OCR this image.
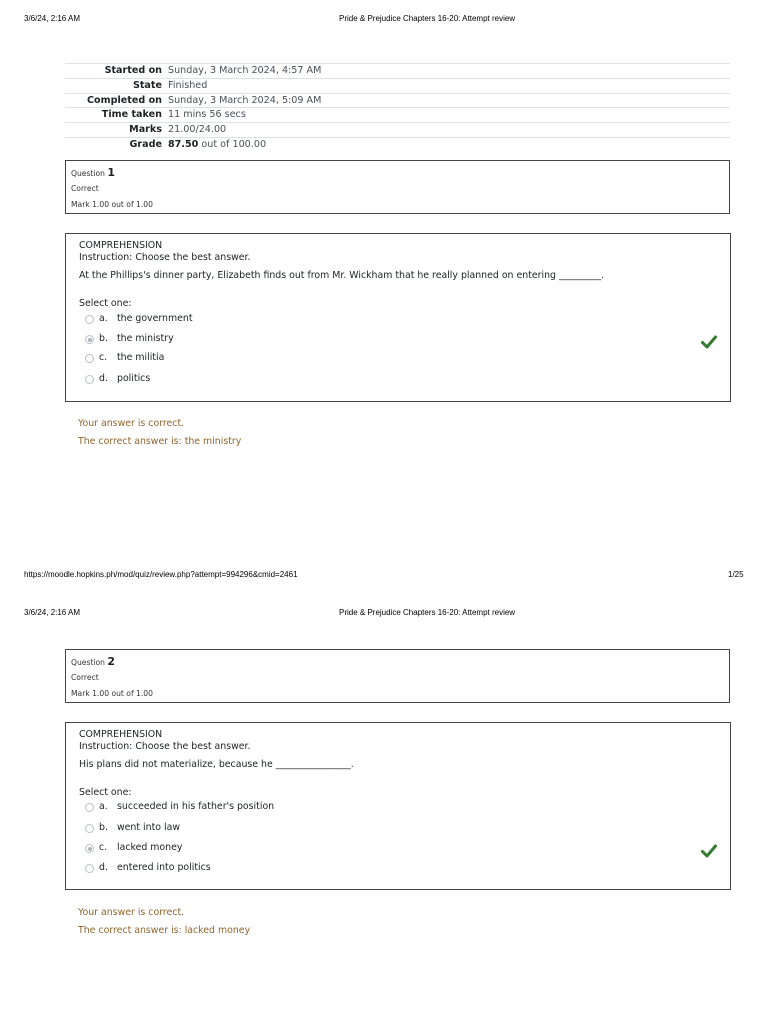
3/6/24, 2:16 AM	Pride & Prejudice Chapters 16-20: Attempt review
Started on	Sunday, 3 March 2024, 4:57 AM
State	Finished
Completed on	Sunday, 3 March 2024, 5:09 AM
Time taken	11 mins 56 secs
Marks	21.00/24.00
Grade	87.50 out of 100.00
Question 1
Correct
Mark 1.00 out of 1.00
COMPREHENSION
Instruction: Choose the best answer.
At the Phillips's dinner party, Elizabeth finds out from Mr. Wickham that he really planned on entering _________.
Select one:
a. the government
b. the ministry
c. the militia
d. politics
Your answer is correct.
The correct answer is: the ministry
https://moodle.hopkins.ph/mod/quiz/review.php?attempt=994296&cmid=2461	1/25
3/6/24, 2:16 AM	Pride & Prejudice Chapters 16-20: Attempt review
Question 2
Correct
Mark 1.00 out of 1.00
COMPREHENSION
Instruction: Choose the best answer.
His plans did not materialize, because he ________________.
Select one:
a. succeeded in his father's position
b. went into law
c. lacked money
d. entered into politics
Your answer is correct.
The correct answer is: lacked money
